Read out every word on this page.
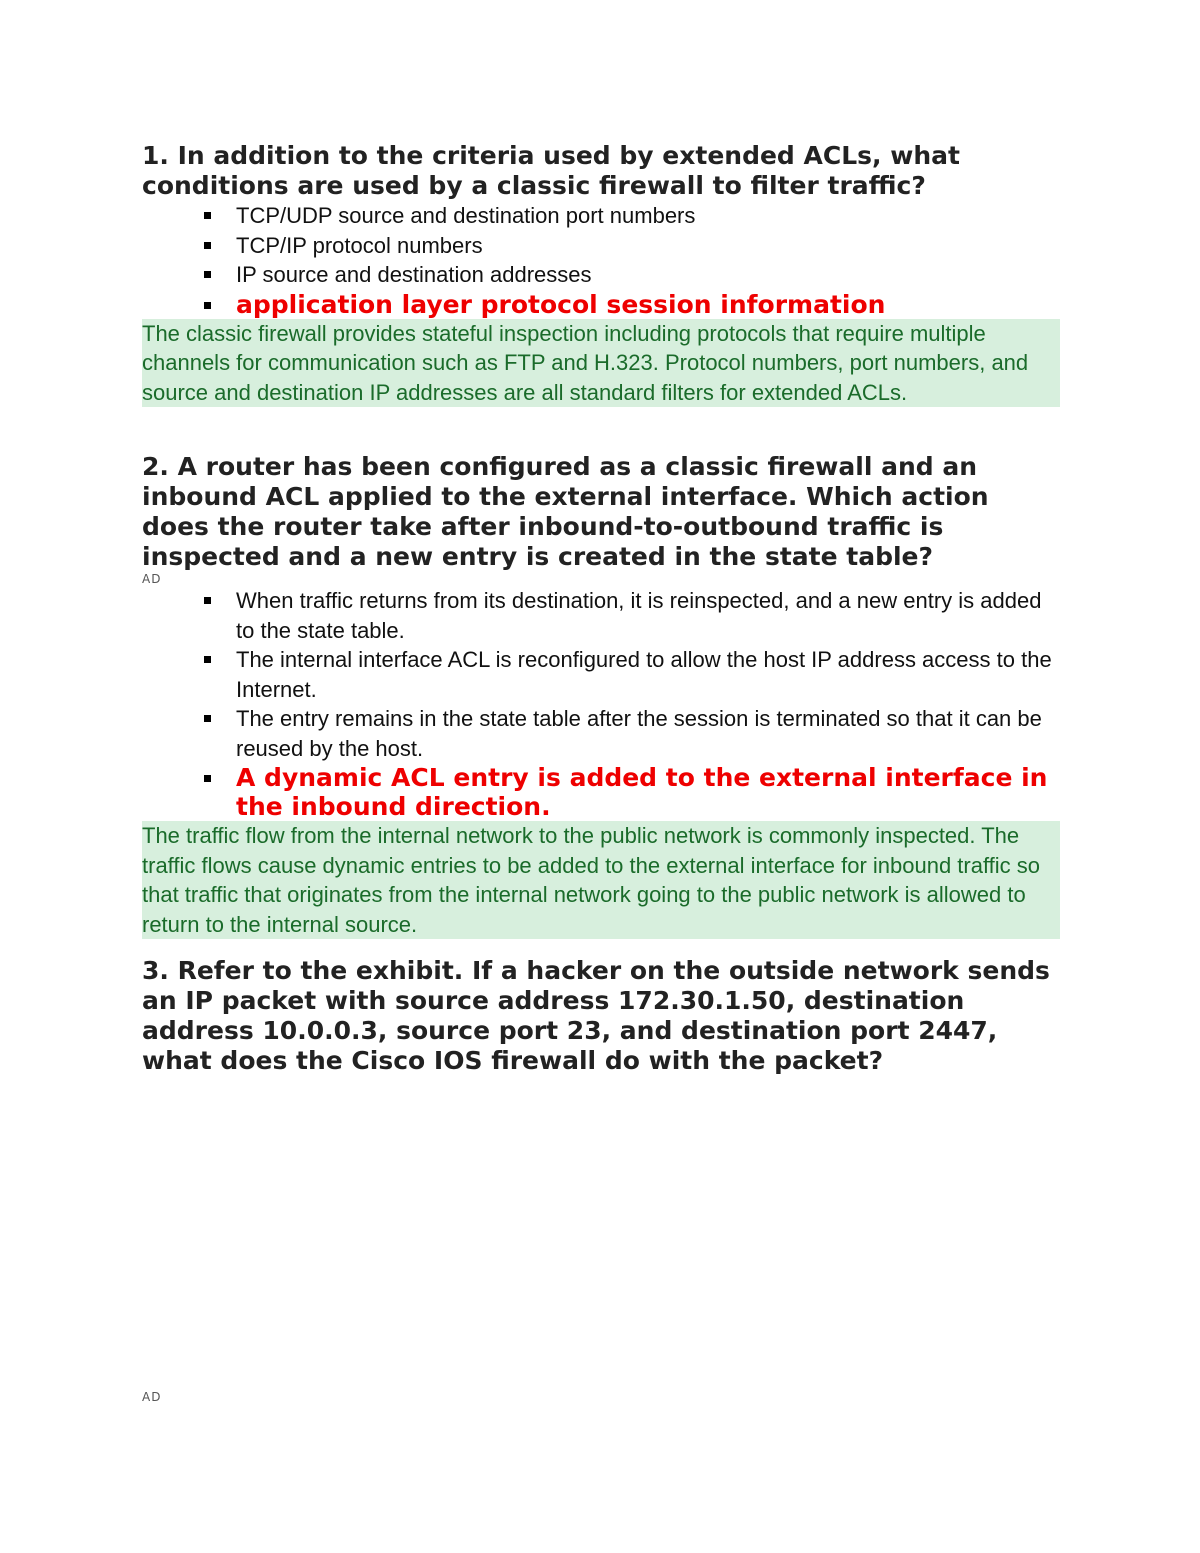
1. In addition to the criteria used by extended ACLs, what conditions are used by a classic firewall to filter traffic?

TCP/UDP source and destination port numbers
TCP/IP protocol numbers
IP source and destination addresses
application layer protocol session information

The classic firewall provides stateful inspection including protocols that require multiple channels for communication such as FTP and H.323. Protocol numbers, port numbers, and source and destination IP addresses are all standard filters for extended ACLs.

2. A router has been configured as a classic firewall and an inbound ACL applied to the external interface. Which action does the router take after inbound-to-outbound traffic is inspected and a new entry is created in the state table?

AD
When traffic returns from its destination, it is reinspected, and a new entry is added to the state table.
The internal interface ACL is reconfigured to allow the host IP address access to the Internet.
The entry remains in the state table after the session is terminated so that it can be reused by the host.
A dynamic ACL entry is added to the external interface in the inbound direction.

The traffic flow from the internal network to the public network is commonly inspected. The traffic flows cause dynamic entries to be added to the external interface for inbound traffic so that traffic that originates from the internal network going to the public network is allowed to return to the internal source.

3. Refer to the exhibit. If a hacker on the outside network sends an IP packet with source address 172.30.1.50, destination address 10.0.0.3, source port 23, and destination port 2447, what does the Cisco IOS firewall do with the packet?

AD
